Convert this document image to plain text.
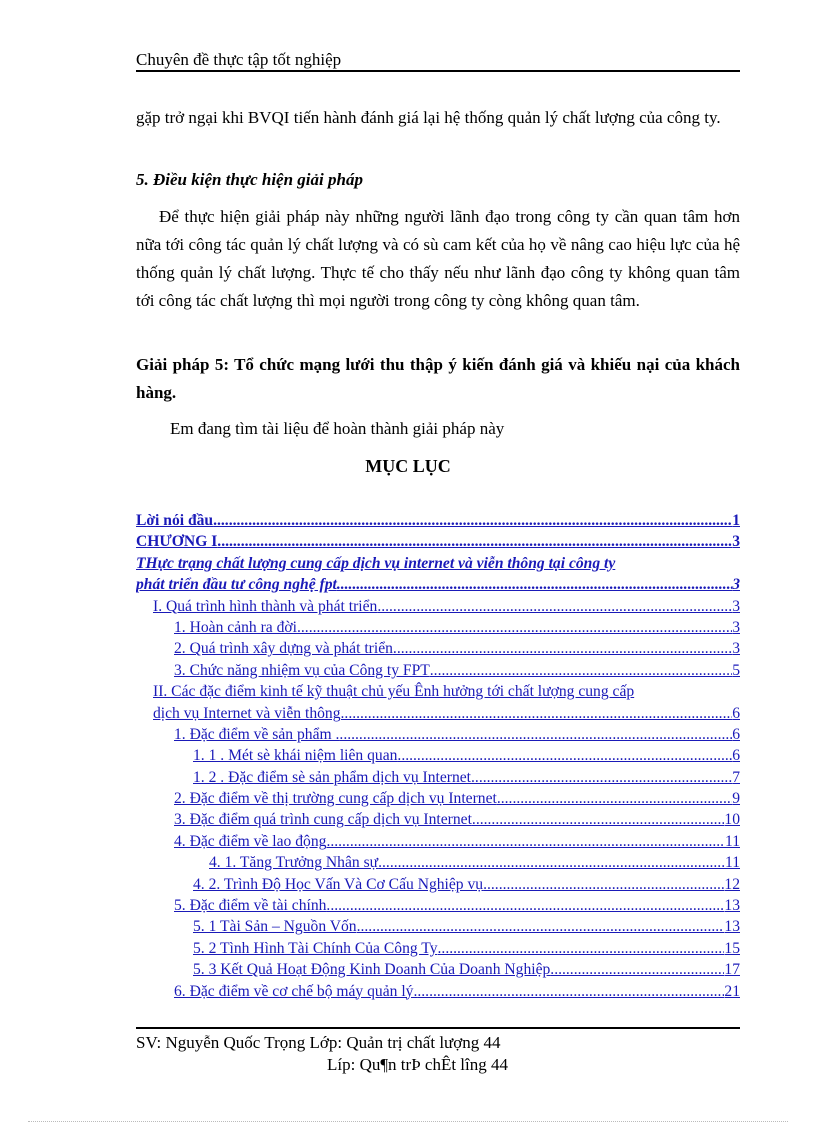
Chuyên đề thực tập tốt nghiệp
gặp trở ngại khi BVQI tiến hành đánh giá lại hệ thống quản lý chất lượng của công ty.
5. Điều kiện thực hiện giải pháp
Để thực hiện giải pháp này những người lãnh đạo trong công ty cần quan tâm hơn nữa tới công tác quản lý chất lượng và có sù cam kết của họ về nâng cao hiệu lực của hệ thống quản lý chất lượng. Thực tế cho thấy nếu như lãnh đạo công ty không quan tâm tới công tác chất lượng thì mọi người trong công ty còng không quan tâm.
Giải pháp 5: Tổ chức mạng lưới thu thập ý kiến đánh giá và khiếu nại của khách hàng.
Em đang tìm tài liệu để hoàn thành giải pháp này
MỤC LỤC
Lời nói đầu .....	1
CHƯƠNG I .....	3
THực trạng chất lượng cung cấp dịch vụ internet và viễn thông tại công ty
phát triển đầu tư công nghệ fpt .....	3
I. Quá trình hình thành và phát triển .....	3
1. Hoàn cảnh ra đời .....	3
2. Quá trình xây dựng và phát triển .....	3
3. Chức năng nhiệm vụ của Công ty FPT .....	5
II. Các đặc điểm kinh tế kỹ thuật chủ yếu Ênh hưởng tới chất lượng cung cấp
dịch vụ Internet và viễn thông .....	6
1. Đặc điểm về sản phẩm . .....	6
1. 1 . Mét sè khái niệm liên quan .....	6
1. 2 . Đặc điểm sè sản phẩm dịch vụ Internet .....	7
2. Đặc điểm về thị trường cung cấp dịch vụ Internet .....	9
3. Đặc điểm quá trình cung cấp dịch vụ Internet .....	10
4. Đặc điểm về lao động .....	11
4. 1. Tăng Trưởng Nhân sự .....	11
4. 2. Trình Độ Học Vấn Và Cơ Cấu Nghiệp vụ .....	12
5. Đặc điểm về tài chính .....	13
5. 1 Tài Sản – Nguồn Vốn .....	13
5. 2 Tình Hình Tài Chính Của Công Ty .....	15
5. 3 Kết Quả Hoạt Động Kinh Doanh Của Doanh Nghiệp .....	17
6. Đặc điểm về cơ chế bộ máy quản lý. .....	21
SV: Nguyễn Quốc Trọng Lớp: Quản trị chất lượng 44
Líp: Qu¶n trÞ chÊt lîng 44
